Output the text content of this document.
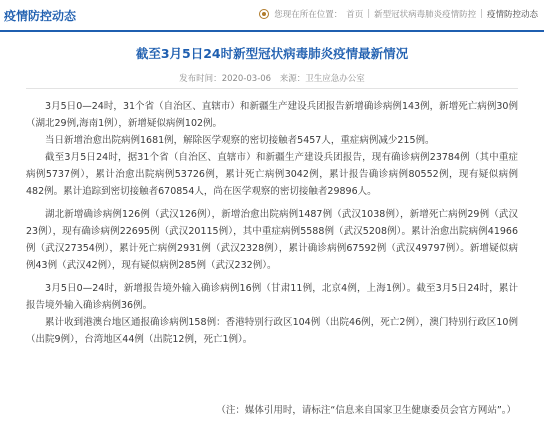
疫情防控动态	您现在所在位置： 首页 | 新型冠状病毒肺炎疫情防控 | 疫情防控动态
截至3月5日24时新型冠状病毒肺炎疫情最新情况
发布时间：2020-03-06 来源：卫生应急办公室

3月5日0—24时，31个省（自治区、直辖市）和新疆生产建设兵团报告新增确诊病例143例，新增死亡病例30例（湖北29例,海南1例），新增疑似病例102例。

当日新增治愈出院病例1681例，解除医学观察的密切接触者5457人，重症病例减少215例。

截至3月5日24时，据31个省（自治区、直辖市）和新疆生产建设兵团报告，现有确诊病例23784例（其中重症病例5737例），累计治愈出院病例53726例，累计死亡病例3042例，累计报告确诊病例80552例，现有疑似病例482例。累计追踪到密切接触者670854人，尚在医学观察的密切接触者29896人。

湖北新增确诊病例126例（武汉126例），新增治愈出院病例1487例（武汉1038例），新增死亡病例29例（武汉23例），现有确诊病例22695例（武汉20115例），其中重症病例5588例（武汉5208例）。累计治愈出院病例41966例（武汉27354例），累计死亡病例2931例（武汉2328例），累计确诊病例67592例（武汉49797例）。新增疑似病例43例（武汉42例），现有疑似病例285例（武汉232例）。

3月5日0—24时，新增报告境外输入确诊病例16例（甘肃11例，北京4例，上海1例）。截至3月5日24时，累计报告境外输入确诊病例36例。

累计收到港澳台地区通报确诊病例158例：香港特别行政区104例（出院46例，死亡2例），澳门特别行政区10例（出院9例），台湾地区44例（出院12例，死亡1例）。

（注：媒体引用时，请标注“信息来自国家卫生健康委员会官方网站”。）
